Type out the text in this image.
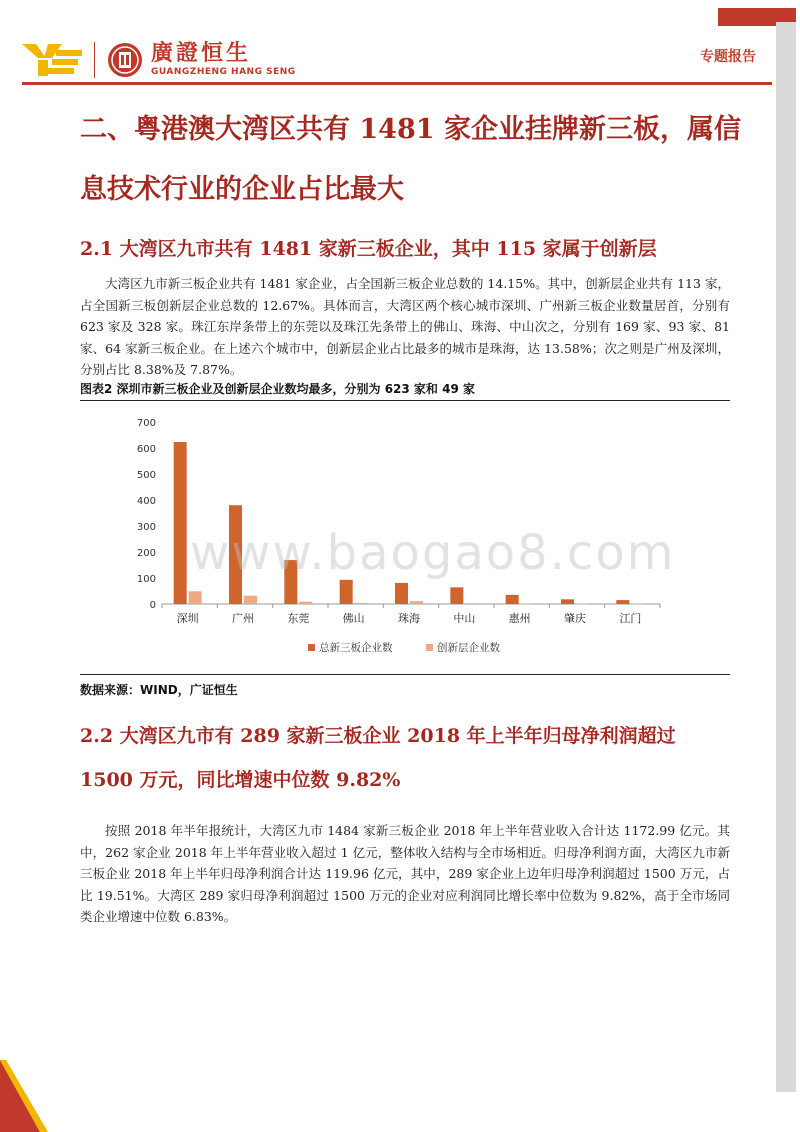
廣證恒生
GUANGZHENG HANG SENG
专题报告
二、粤港澳大湾区共有 1481 家企业挂牌新三板，属信息技术行业的企业占比最大
2.1 大湾区九市共有 1481 家新三板企业，其中 115 家属于创新层
大湾区九市新三板企业共有 1481 家企业，占全国新三板企业总数的 14.15%。其中，创新层企业共有 113 家，占全国新三板创新层企业总数的 12.67%。具体而言，大湾区两个核心城市深圳、广州新三板企业数量居首，分别有 623 家及 328 家。珠江东岸条带上的东莞以及珠江先条带上的佛山、珠海、中山次之，分别有 169 家、93 家、81 家、64 家新三板企业。在上述六个城市中，创新层企业占比最多的城市是珠海，达 13.58%；次之则是广州及深圳，分别占比 8.38%及 7.87%。
图表2 深圳市新三板企业及创新层企业数均最多，分别为 623 家和 49 家
0
100
200
300
400
500
600
700
深圳	广州	东莞	佛山	珠海	中山	惠州	肇庆	江门
总新三板企业数	创新层企业数
www.baogao8.com
数据来源：WIND，广证恒生
2.2 大湾区九市有 289 家新三板企业 2018 年上半年归母净利润超过 1500 万元，同比增速中位数 9.82%
按照 2018 年半年报统计，大湾区九市 1484 家新三板企业 2018 年上半年营业收入合计达 1172.99 亿元。其中，262 家企业 2018 年上半年营业收入超过 1 亿元，整体收入结构与全市场相近。归母净利润方面，大湾区九市新三板企业 2018 年上半年归母净利润合计达 119.96 亿元，其中，289 家企业上边年归母净利润超过 1500 万元，占比 19.51%。大湾区 289 家归母净利润超过 1500 万元的企业对应利润同比增长率中位数为 9.82%，高于全市场同类企业增速中位数 6.83%。
